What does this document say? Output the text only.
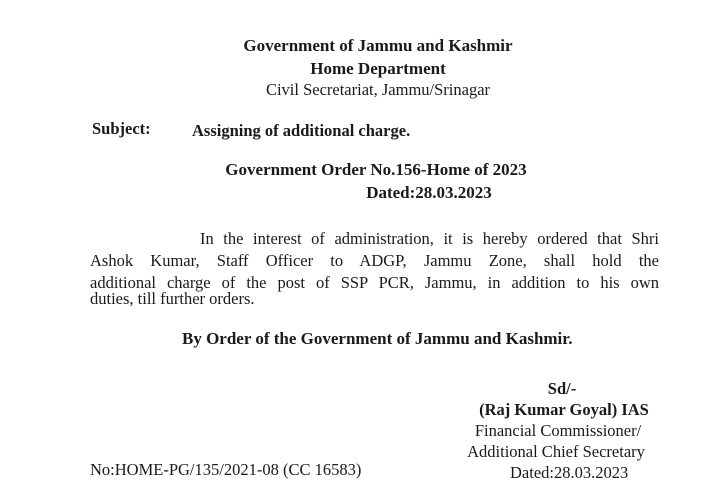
Government of Jammu and Kashmir
Home Department
Civil Secretariat, Jammu/Srinagar
Subject:	Assigning of additional charge.
Government Order No.156-Home of 2023
Dated:28.03.2023
In the interest of administration, it is hereby ordered that Shri
Ashok Kumar, Staff Officer to ADGP, Jammu Zone, shall hold the
additional charge of the post of SSP PCR, Jammu, in addition to his own
duties, till further orders.
By Order of the Government of Jammu and Kashmir.
Sd/-
(Raj Kumar Goyal) IAS
Financial Commissioner/
Additional Chief Secretary
Dated:28.03.2023
No:HOME-PG/135/2021-08 (CC 16583)
